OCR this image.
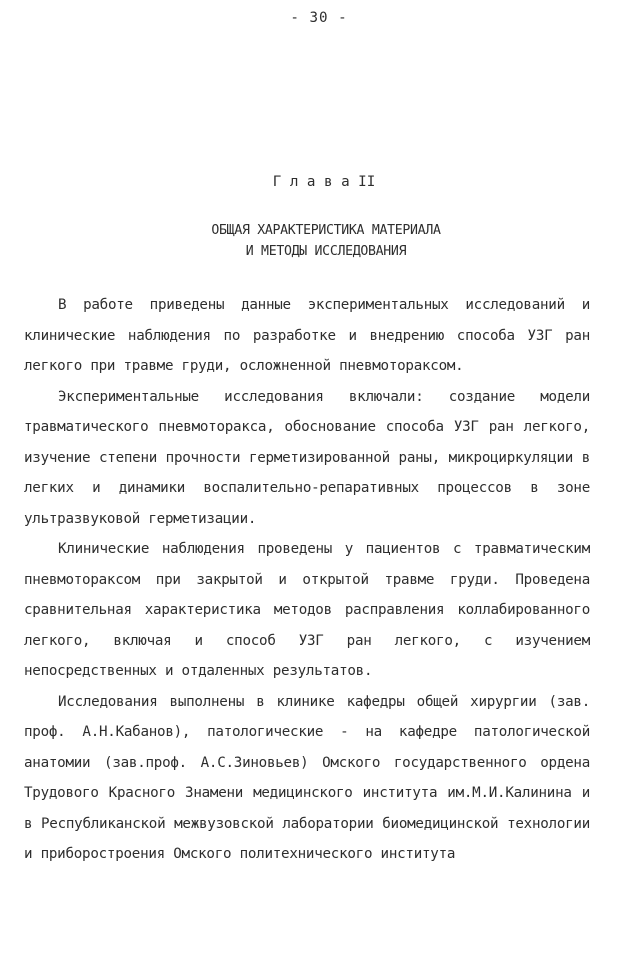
- 30 -
Г л а в а II
ОБЩАЯ ХАРАКТЕРИСТИКА МАТЕРИАЛА
И МЕТОДЫ ИССЛЕДОВАНИЯ

В работе приведены данные экспериментальных исследований и клинические наблюдения по разработке и внедрению способа УЗГ ран легкого при травме груди, осложненной пневмотораксом.

Экспериментальные исследования включали: создание модели травматического пневмоторакса, обоснование способа УЗГ ран легкого, изучение степени прочности герметизированной раны, микроциркуляции в легких и динамики воспалительно-репаративных процессов в зоне ультразвуковой герметизации.

Клинические наблюдения проведены у пациентов с травматическим пневмотораксом при закрытой и открытой травме груди. Проведена сравнительная характеристика методов расправления коллабированного легкого, включая и способ УЗГ ран легкого, с изучением непосредственных и отдаленных результатов.

Исследования выполнены в клинике кафедры общей хирургии (зав. проф. А.Н.Кабанов), патологические - на кафедре патологической анатомии (зав.проф. А.С.Зиновьев) Омского государственного ордена Трудового Красного Знамени медицинского института им.М.И.Калинина и в Республиканской межвузовской лаборатории биомедицинской технологии и приборостроения Омского политехнического института
